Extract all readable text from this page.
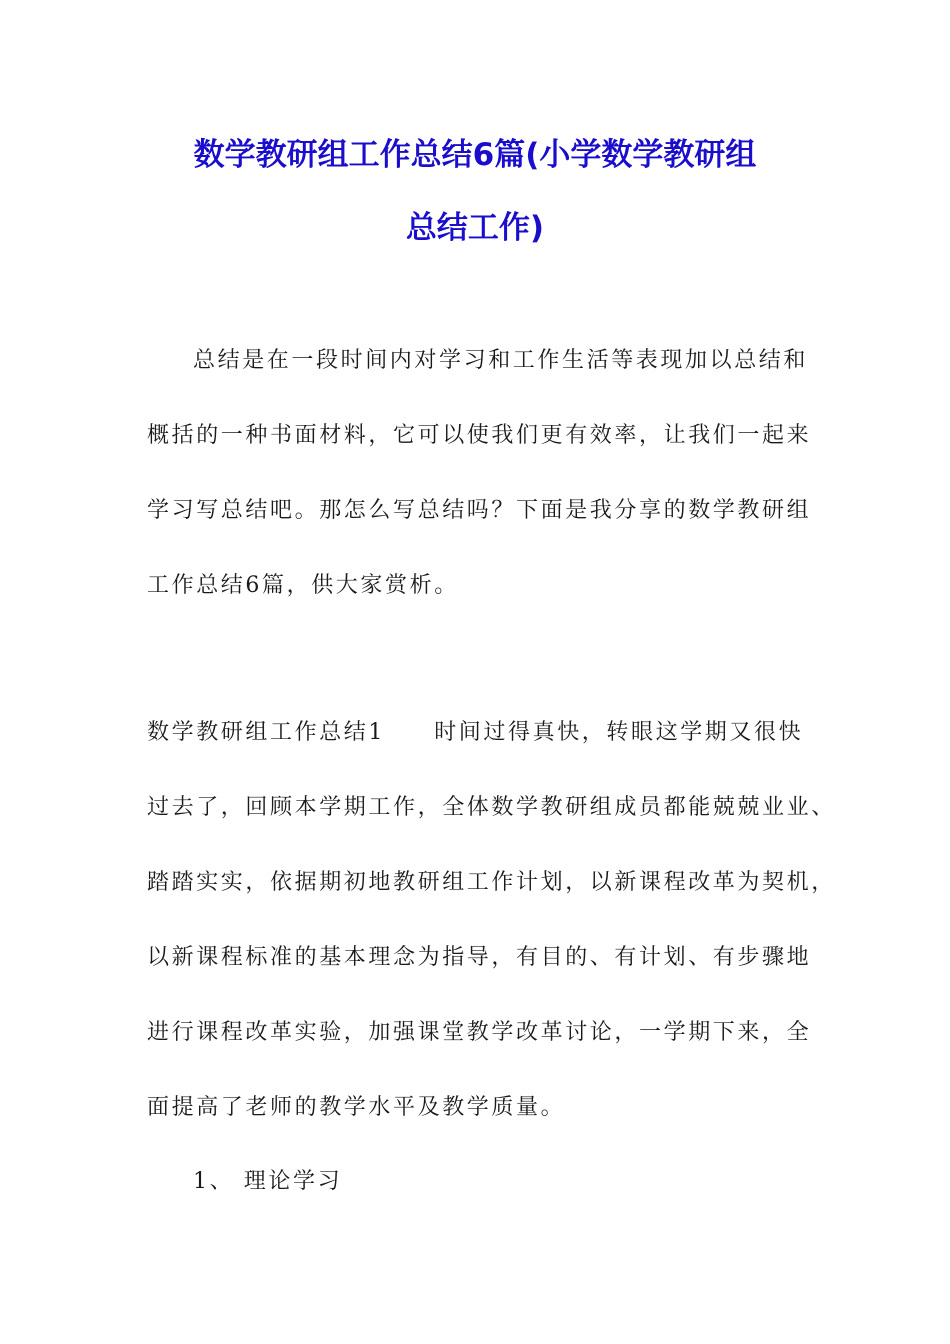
数学教研组工作总结6篇(小学数学教研组
总结工作)
总结是在一段时间内对学习和工作生活等表现加以总结和
概括的一种书面材料，它可以使我们更有效率，让我们一起来
学习写总结吧。那怎么写总结吗？下面是我分享的数学教研组
工作总结6篇，供大家赏析。
数学教研组工作总结1　　时间过得真快，转眼这学期又很快
过去了，回顾本学期工作，全体数学教研组成员都能兢兢业业、
踏踏实实，依据期初地教研组工作计划，以新课程改革为契机，
以新课程标准的基本理念为指导，有目的、有计划、有步骤地
进行课程改革实验，加强课堂教学改革讨论，一学期下来，全
面提高了老师的教学水平及教学质量。
1、 理论学习
